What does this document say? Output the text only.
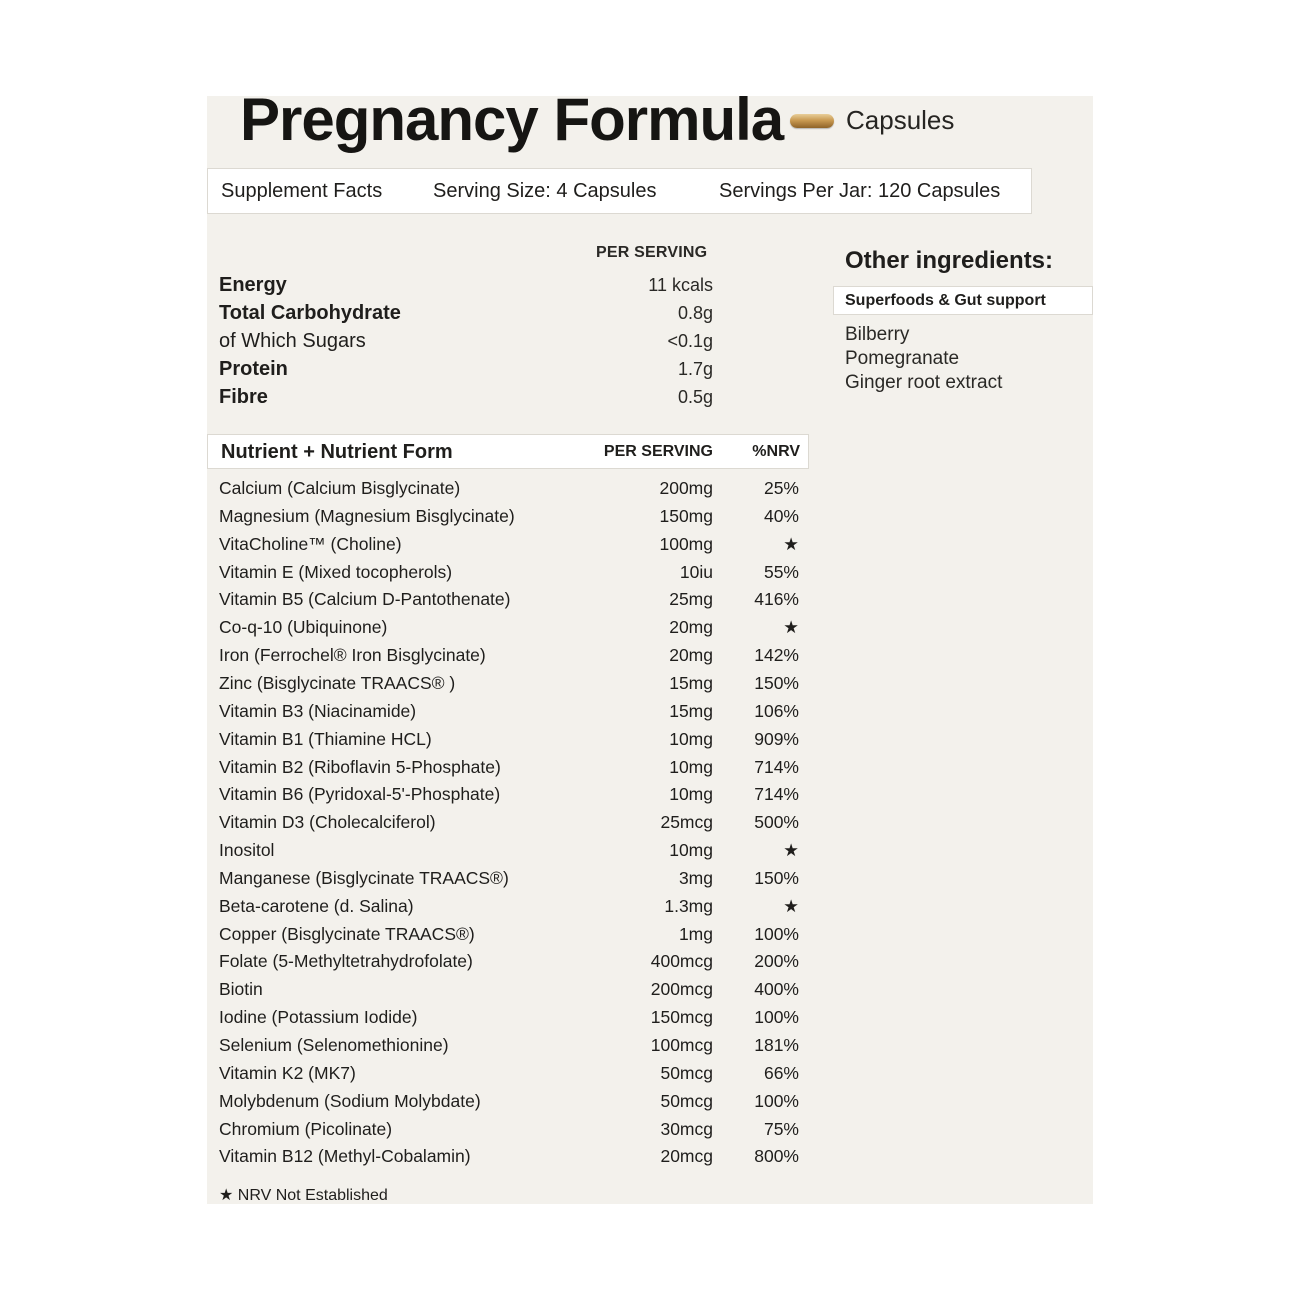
Pregnancy Formula Capsules
Supplement Facts	Serving Size: 4 Capsules	Servings Per Jar: 120 Capsules
PER SERVING
Energy	11 kcals
Total Carbohydrate	0.8g
of Which Sugars	<0.1g
Protein	1.7g
Fibre	0.5g
Nutrient + Nutrient Form	PER SERVING %NRV
Calcium (Calcium Bisglycinate)	200mg	25%
Magnesium (Magnesium Bisglycinate)	150mg	40%
VitaCholine™ (Choline)	100mg	★
Vitamin E (Mixed tocopherols)	10iu	55%
Vitamin B5 (Calcium D-Pantothenate)	25mg 416%
Co-q-10 (Ubiquinone)	20mg	★
Iron (Ferrochel® Iron Bisglycinate)	20mg 142%
Zinc (Bisglycinate TRAACS® )	15mg 150%
Vitamin B3 (Niacinamide)	15mg 106%
Vitamin B1 (Thiamine HCL)	10mg 909%
Vitamin B2 (Riboflavin 5-Phosphate)	10mg 714%
Vitamin B6 (Pyridoxal-5'-Phosphate)	10mg 714%
Vitamin D3 (Cholecalciferol)	25mcg 500%
Inositol	10mg	★
Manganese (Bisglycinate TRAACS®)	3mg 150%
Beta-carotene (d. Salina)	1.3mg	★
Copper (Bisglycinate TRAACS®)	1mg 100%
Folate (5-Methyltetrahydrofolate)	400mcg 200%
Biotin	200mcg 400%
Iodine (Potassium Iodide)	150mcg 100%
Selenium (Selenomethionine)	100mcg 181%
Vitamin K2 (MK7)	50mcg	66%
Molybdenum (Sodium Molybdate)	50mcg 100%
Chromium (Picolinate)	30mcg	75%
Vitamin B12 (Methyl-Cobalamin)	20mcg 800%
★ NRV Not Established
Other ingredients:
Superfoods & Gut support
Bilberry
Pomegranate
Ginger root extract
